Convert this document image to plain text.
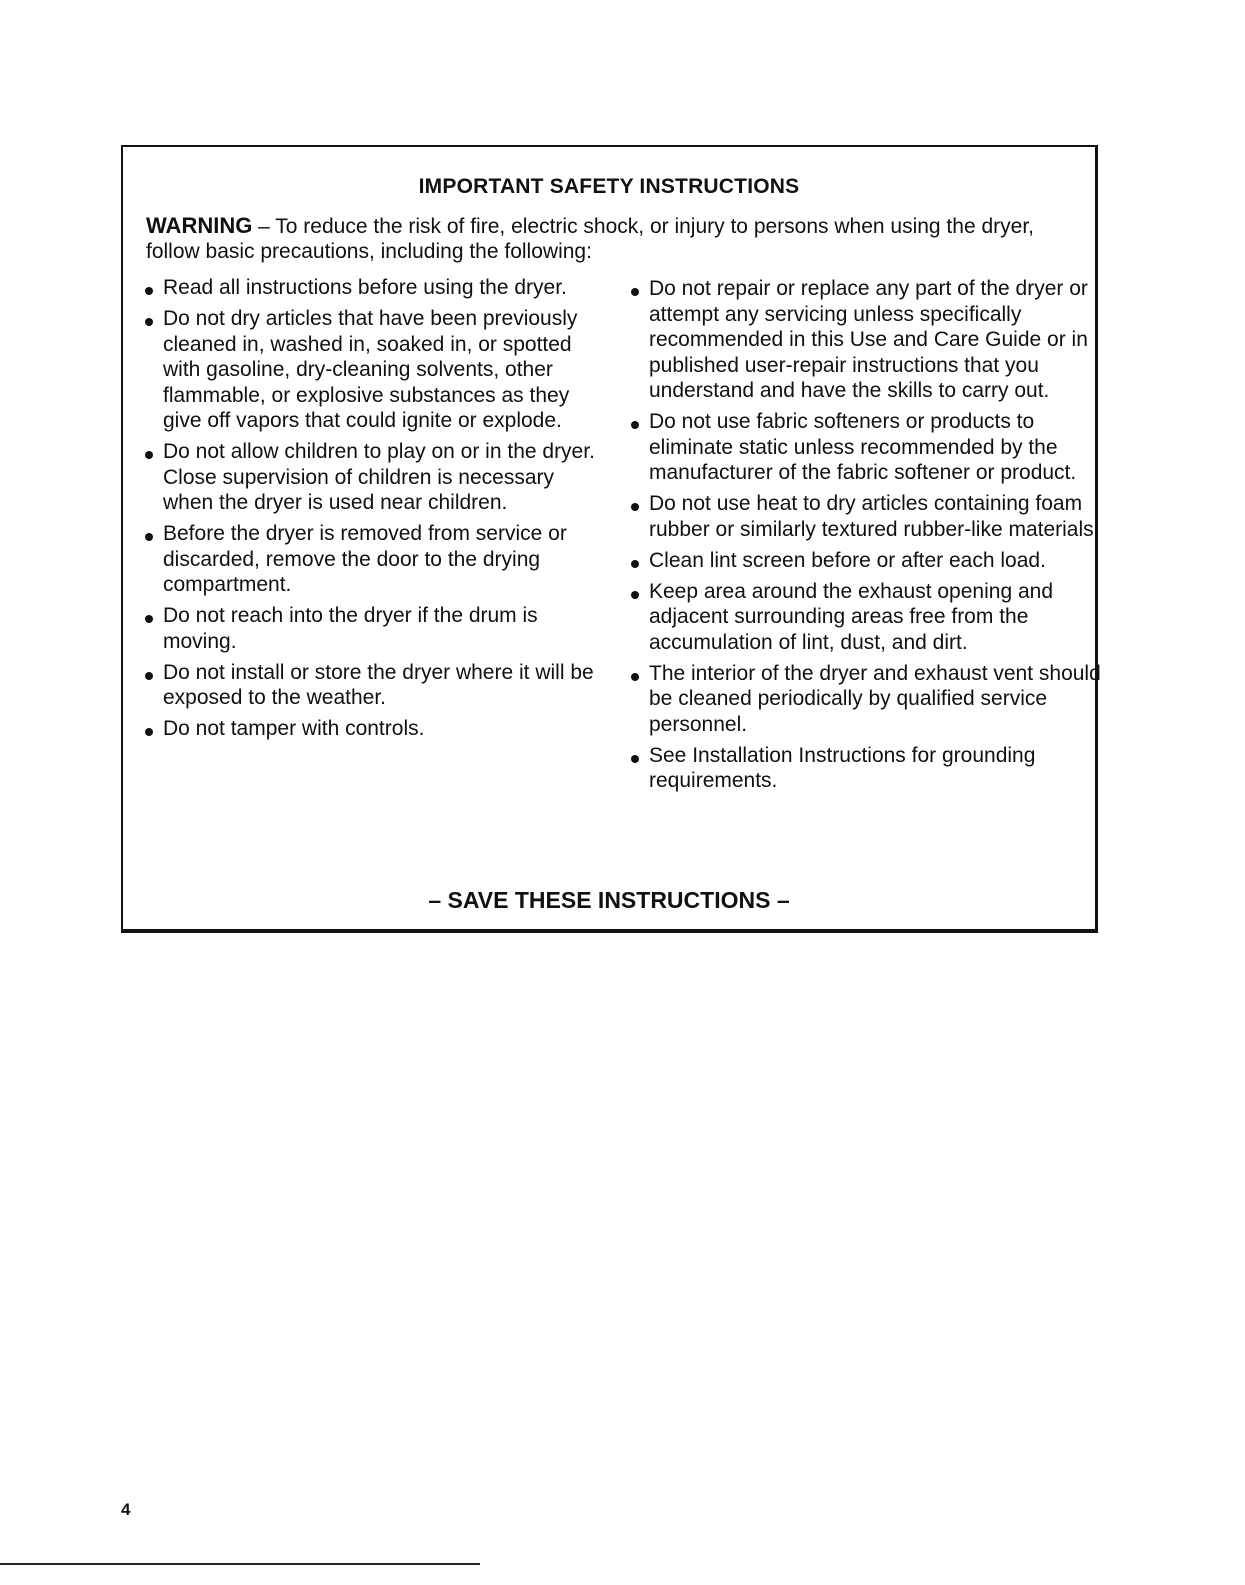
IMPORTANT SAFETY INSTRUCTIONS
WARNING – To reduce the risk of fire, electric shock, or injury to persons when using the dryer, follow basic precautions, including the following:
Read all instructions before using the dryer.
Do not dry articles that have been previously cleaned in, washed in, soaked in, or spotted with gasoline, dry-cleaning solvents, other flammable, or explosive substances as they give off vapors that could ignite or explode.
Do not allow children to play on or in the dryer. Close supervision of children is necessary when the dryer is used near children.
Before the dryer is removed from service or discarded, remove the door to the drying compartment.
Do not reach into the dryer if the drum is moving.
Do not install or store the dryer where it will be exposed to the weather.
Do not tamper with controls.
Do not repair or replace any part of the dryer or attempt any servicing unless specifically recommended in this Use and Care Guide or in published user-repair instructions that you understand and have the skills to carry out.
Do not use fabric softeners or products to eliminate static unless recommended by the manufacturer of the fabric softener or product.
Do not use heat to dry articles containing foam rubber or similarly textured rubber-like materials.
Clean lint screen before or after each load.
Keep area around the exhaust opening and adjacent surrounding areas free from the accumulation of lint, dust, and dirt.
The interior of the dryer and exhaust vent should be cleaned periodically by qualified service personnel.
See Installation Instructions for grounding requirements.
– SAVE THESE INSTRUCTIONS –
4
